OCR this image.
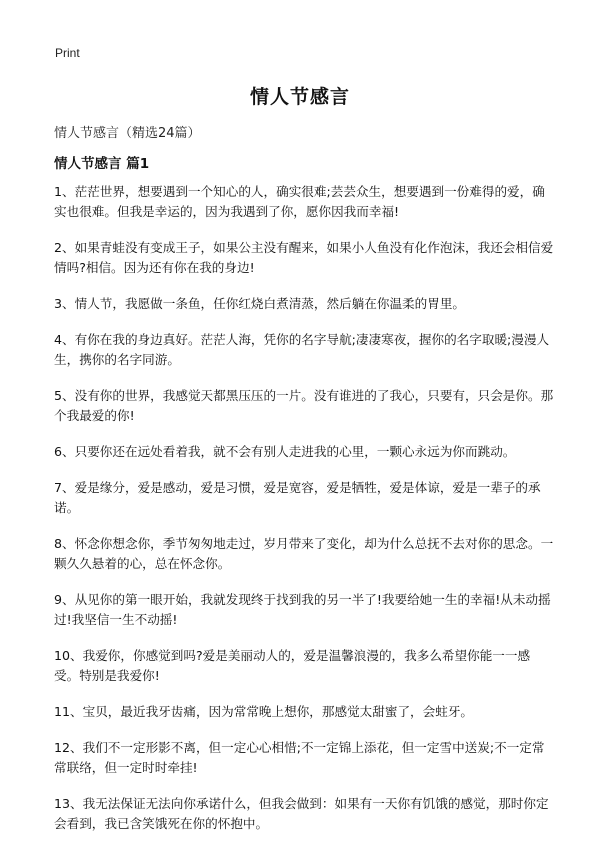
Print
情人节感言
情人节感言（精选24篇）
情人节感言 篇1
1、茫茫世界，想要遇到一个知心的人，确实很难;芸芸众生，想要遇到一份难得的爱，确实也很难。但我是幸运的，因为我遇到了你，愿你因我而幸福!
2、如果青蛙没有变成王子，如果公主没有醒来，如果小人鱼没有化作泡沫，我还会相信爱情吗?相信。因为还有你在我的身边!
3、情人节，我愿做一条鱼，任你红烧白煮清蒸，然后躺在你温柔的胃里。
4、有你在我的身边真好。茫茫人海，凭你的名字导航;凄凄寒夜，握你的名字取暖;漫漫人生，携你的名字同游。
5、没有你的世界，我感觉天都黑压压的一片。没有谁进的了我心，只要有，只会是你。那个我最爱的你!
6、只要你还在远处看着我，就不会有别人走进我的心里，一颗心永远为你而跳动。
7、爱是缘分，爱是感动，爱是习惯，爱是宽容，爱是牺牲，爱是体谅，爱是一辈子的承诺。
8、怀念你想念你，季节匆匆地走过，岁月带来了变化，却为什么总抚不去对你的思念。一颗久久悬着的心，总在怀念你。
9、从见你的第一眼开始，我就发现终于找到我的另一半了!我要给她一生的幸福!从未动摇过!我坚信一生不动摇!
10、我爱你，你感觉到吗?爱是美丽动人的，爱是温馨浪漫的，我多么希望你能一一感受。特别是我爱你!
11、宝贝，最近我牙齿痛，因为常常晚上想你，那感觉太甜蜜了，会蛀牙。
12、我们不一定形影不离，但一定心心相惜;不一定锦上添花，但一定雪中送炭;不一定常常联络，但一定时时牵挂!
13、我无法保证无法向你承诺什么，但我会做到：如果有一天你有饥饿的感觉，那时你定会看到，我已含笑饿死在你的怀抱中。
